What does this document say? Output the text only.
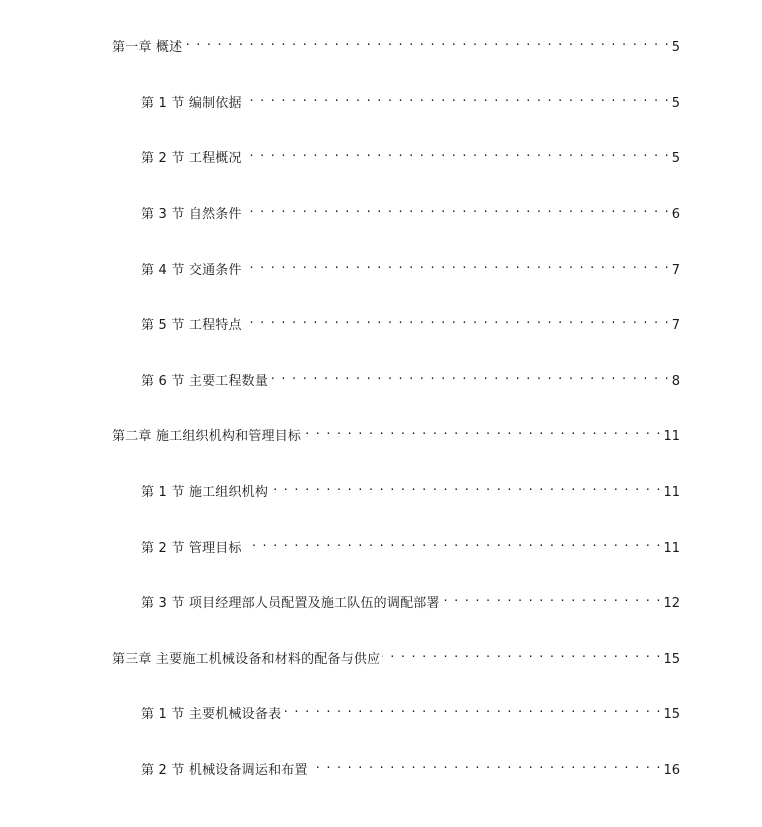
第一章 概述 . . .	5
第 1 节 编制依据 . . .	5
第 2 节 工程概况 . . .	5
第 3 节 自然条件 . . .	6
第 4 节 交通条件 . . .	7
第 5 节 工程特点 . . .	7
第 6 节 主要工程数量 . . .	8
第二章 施工组织机构和管理目标 . . .	11
第 1 节 施工组织机构 . . .	11
第 2 节 管理目标 . . .	11
第 3 节 项目经理部人员配置及施工队伍的调配部署 . . .	12
第三章 主要施工机械设备和材料的配备与供应 . . .	15
第 1 节 主要机械设备表 . . .	15
第 2 节 机械设备调运和布置 . . .	16
